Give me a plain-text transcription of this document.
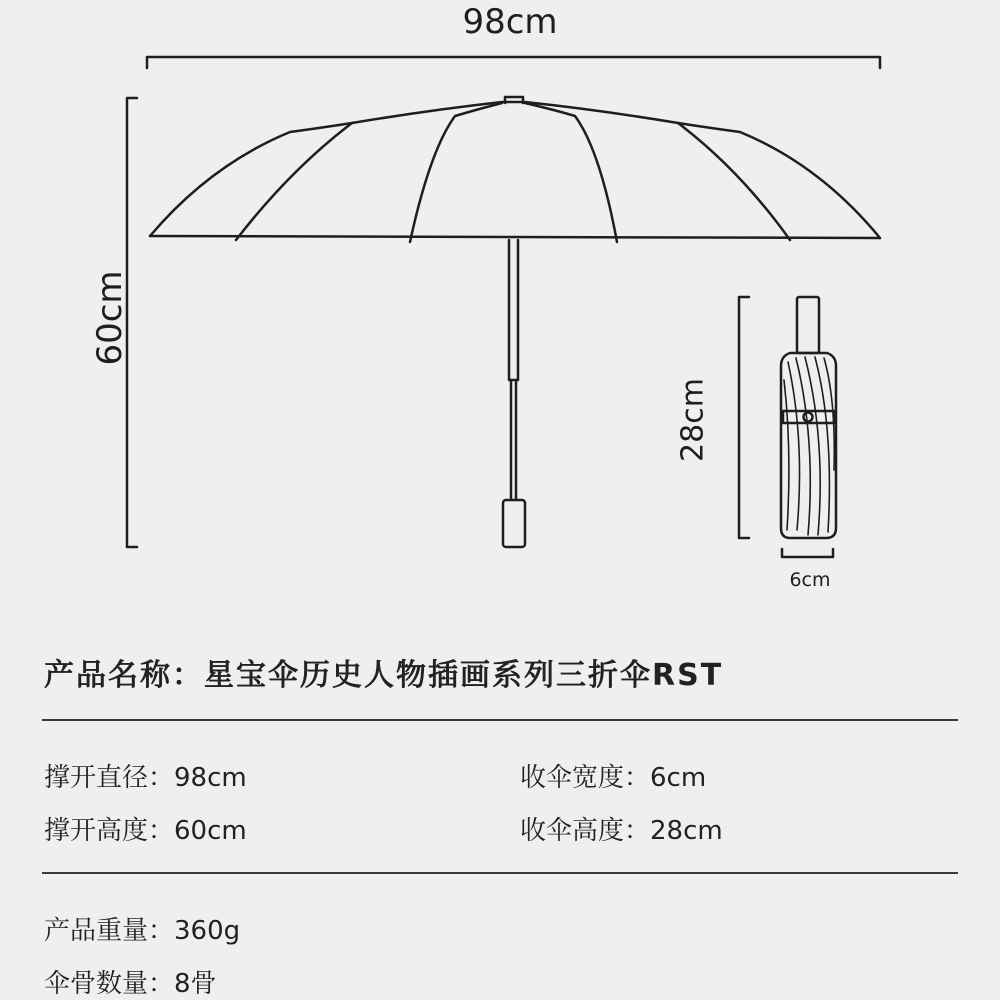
98cm
60cm
28cm
6cm
产品名称：星宝伞历史人物插画系列三折伞RST
撑开直径：98cm	收伞宽度：6cm
撑开高度：60cm	收伞高度：28cm
产品重量：360g
伞骨数量：8骨
